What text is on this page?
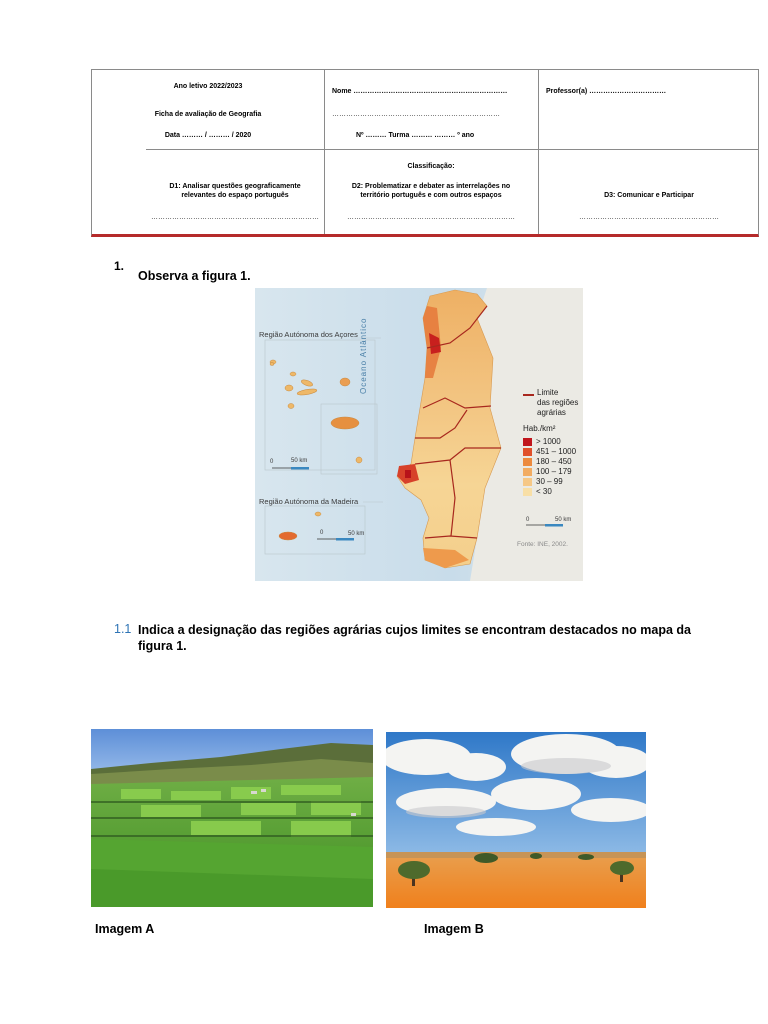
Ano letivo 2022/2023
Ficha de avaliação de Geografia
Data ……… / ……… / 2020
Nome …………………………………………………………
………………………………………………………………
Nº ……… Turma ……… ……… º ano
Professor(a) ……………………………
Classificação:
D1: Analisar questões geograficamente
relevantes do espaço português
………………………………………………………………
D2: Problematizar e debater as interrelações no
território português e com outros espaços
………………………………………………………………
D3: Comunicar e Participar
……………………………………………………
1.
Observa a figura 1.
Região Autónoma dos Açores
Região Autónoma da Madeira
Oceano Atlântico
0	50 km
0	50 km
0	50 km
Limite
das regiões
agrárias
Hab./km²
> 1000
451 – 1000
180 – 450
100 – 179
30 – 99
< 30
Fonte: INE, 2002.
1.1 Indica a designação das regiões agrárias cujos limites se encontram destacados no mapa da
figura 1.
Imagem A	Imagem B
